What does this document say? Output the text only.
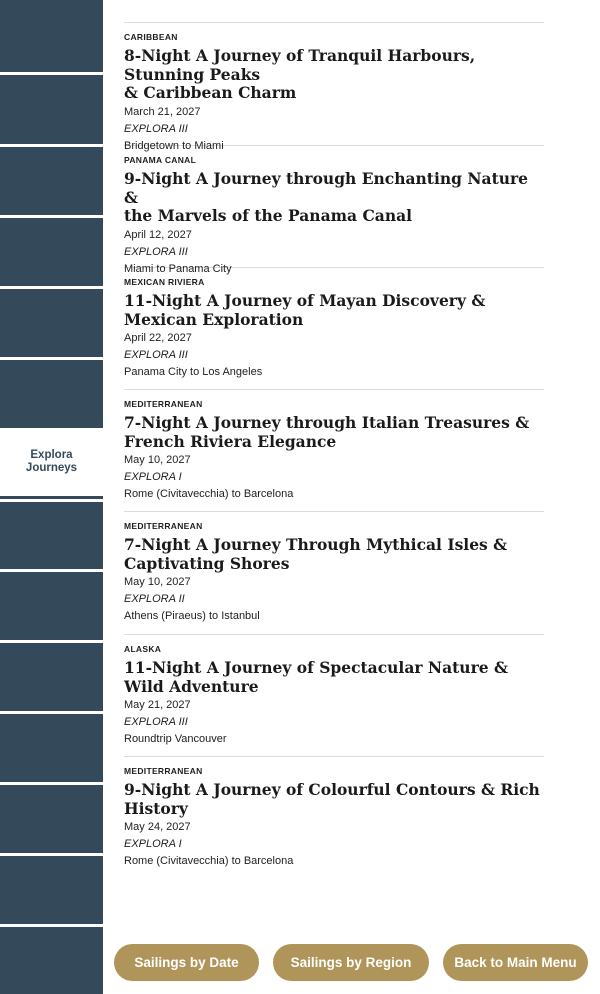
Explora
Journeys
CARIBBEAN
8-Night A Journey of Tranquil Harbours, Stunning Peaks
& Caribbean Charm
March 21, 2027
EXPLORA III
Bridgetown to Miami
PANAMA CANAL
9-Night A Journey through Enchanting Nature &
the Marvels of the Panama Canal
April 12, 2027
EXPLORA III
Miami to Panama City
MEXICAN RIVIERA
11-Night A Journey of Mayan Discovery &
Mexican Exploration
April 22, 2027
EXPLORA III
Panama City to Los Angeles
MEDITERRANEAN
7-Night A Journey through Italian Treasures &
French Riviera Elegance
May 10, 2027
EXPLORA I
Rome (Civitavecchia) to Barcelona
MEDITERRANEAN
7-Night A Journey Through Mythical Isles &
Captivating Shores
May 10, 2027
EXPLORA II
Athens (Piraeus) to Istanbul
ALASKA
11-Night A Journey of Spectacular Nature &
Wild Adventure
May 21, 2027
EXPLORA III
Roundtrip Vancouver
MEDITERRANEAN
9-Night A Journey of Colourful Contours & Rich History
May 24, 2027
EXPLORA I
Rome (Civitavecchia) to Barcelona
Sailings by Date	Sailings by Region	Back to Main Menu
